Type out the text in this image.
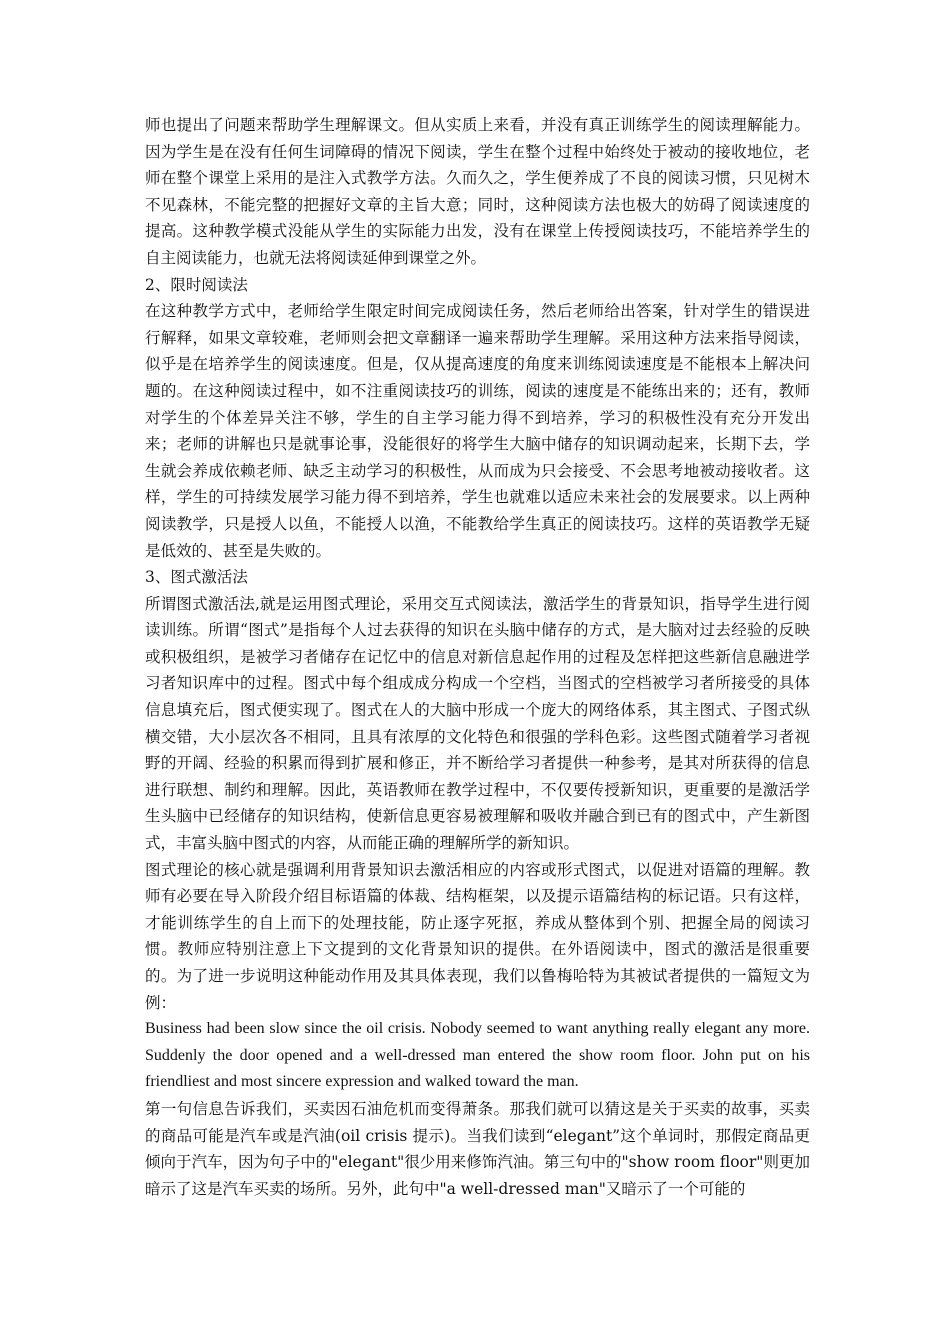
师也提出了问题来帮助学生理解课文。但从实质上来看，并没有真正训练学生的阅读理解能力。因为学生是在没有任何生词障碍的情况下阅读，学生在整个过程中始终处于被动的接收地位，老师在整个课堂上采用的是注入式教学方法。久而久之，学生便养成了不良的阅读习惯，只见树木不见森林，不能完整的把握好文章的主旨大意；同时，这种阅读方法也极大的妨碍了阅读速度的提高。这种教学模式没能从学生的实际能力出发，没有在课堂上传授阅读技巧，不能培养学生的自主阅读能力，也就无法将阅读延伸到课堂之外。

2、限时阅读法

在这种教学方式中，老师给学生限定时间完成阅读任务，然后老师给出答案，针对学生的错误进行解释，如果文章较难，老师则会把文章翻译一遍来帮助学生理解。采用这种方法来指导阅读，似乎是在培养学生的阅读速度。但是，仅从提高速度的角度来训练阅读速度是不能根本上解决问题的。在这种阅读过程中，如不注重阅读技巧的训练，阅读的速度是不能练出来的；还有，教师对学生的个体差异关注不够，学生的自主学习能力得不到培养，学习的积极性没有充分开发出来；老师的讲解也只是就事论事，没能很好的将学生大脑中储存的知识调动起来，长期下去，学生就会养成依赖老师、缺乏主动学习的积极性，从而成为只会接受、不会思考地被动接收者。这样，学生的可持续发展学习能力得不到培养，学生也就难以适应未来社会的发展要求。以上两种阅读教学，只是授人以鱼，不能授人以渔，不能教给学生真正的阅读技巧。这样的英语教学无疑是低效的、甚至是失败的。

3、图式激活法

所谓图式激活法,就是运用图式理论，采用交互式阅读法，激活学生的背景知识，指导学生进行阅读训练。所谓“图式”是指每个人过去获得的知识在头脑中储存的方式，是大脑对过去经验的反映或积极组织，是被学习者储存在记忆中的信息对新信息起作用的过程及怎样把这些新信息融进学习者知识库中的过程。图式中每个组成成分构成一个空档，当图式的空档被学习者所接受的具体信息填充后，图式便实现了。图式在人的大脑中形成一个庞大的网络体系，其主图式、子图式纵横交错，大小层次各不相同，且具有浓厚的文化特色和很强的学科色彩。这些图式随着学习者视野的开阔、经验的积累而得到扩展和修正，并不断给学习者提供一种参考，是其对所获得的信息进行联想、制约和理解。因此，英语教师在教学过程中，不仅要传授新知识，更重要的是激活学生头脑中已经储存的知识结构，使新信息更容易被理解和吸收并融合到已有的图式中，产生新图式，丰富头脑中图式的内容，从而能正确的理解所学的新知识。

图式理论的核心就是强调利用背景知识去激活相应的内容或形式图式，以促进对语篇的理解。教师有必要在导入阶段介绍目标语篇的体裁、结构框架，以及提示语篇结构的标记语。只有这样，才能训练学生的自上而下的处理技能，防止逐字死抠，养成从整体到个别、把握全局的阅读习惯。教师应特别注意上下文提到的文化背景知识的提供。在外语阅读中，图式的激活是很重要的。为了进一步说明这种能动作用及其具体表现，我们以鲁梅哈特为其被试者提供的一篇短文为例：

Business had been slow since the oil crisis. Nobody seemed to want anything really elegant any more. Suddenly the door opened and a well-dressed man entered the show room floor. John put on his friendliest and most sincere expression and walked toward the man.

第一句信息告诉我们，买卖因石油危机而变得萧条。那我们就可以猜这是关于买卖的故事，买卖的商品可能是汽车或是汽油(oil crisis 提示)。当我们读到“elegant”这个单词时，那假定商品更倾向于汽车，因为句子中的"elegant"很少用来修饰汽油。第三句中的"show room floor"则更加暗示了这是汽车买卖的场所。另外，此句中"a well-dressed man"又暗示了一个可能的
